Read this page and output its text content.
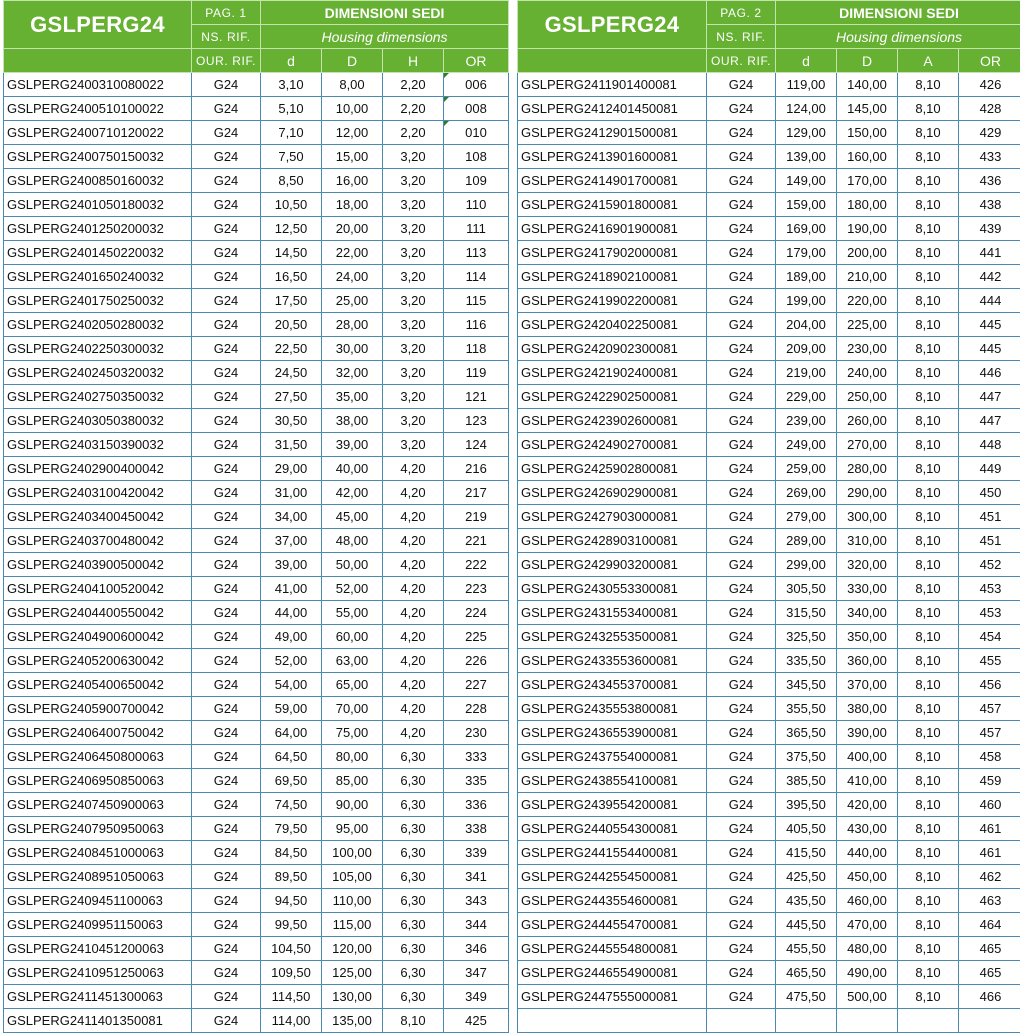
GSLPERG24	PAG. 1	DIMENSIONI SEDI			
	NS. RIF.	Housing dimensions			
	OUR. RIF.	d	D	H	OR
GSLPERG2400310080022	G24	3,10	8,00	2,20	006

GSLPERG2400510100022	G24	5,10	10,00	2,20	008

GSLPERG2400710120022	G24	7,10	12,00	2,20	010

GSLPERG2400750150032	G24	7,50	15,00	3,20	108
GSLPERG2400850160032	G24	8,50	16,00	3,20	109
GSLPERG2401050180032	G24	10,50	18,00	3,20	110
GSLPERG2401250200032	G24	12,50	20,00	3,20	111
GSLPERG2401450220032	G24	14,50	22,00	3,20	113
GSLPERG2401650240032	G24	16,50	24,00	3,20	114
GSLPERG2401750250032	G24	17,50	25,00	3,20	115
GSLPERG2402050280032	G24	20,50	28,00	3,20	116
GSLPERG2402250300032	G24	22,50	30,00	3,20	118
GSLPERG2402450320032	G24	24,50	32,00	3,20	119
GSLPERG2402750350032	G24	27,50	35,00	3,20	121
GSLPERG2403050380032	G24	30,50	38,00	3,20	123
GSLPERG2403150390032	G24	31,50	39,00	3,20	124
GSLPERG2402900400042	G24	29,00	40,00	4,20	216
GSLPERG2403100420042	G24	31,00	42,00	4,20	217
GSLPERG2403400450042	G24	34,00	45,00	4,20	219
GSLPERG2403700480042	G24	37,00	48,00	4,20	221
GSLPERG2403900500042	G24	39,00	50,00	4,20	222
GSLPERG2404100520042	G24	41,00	52,00	4,20	223
GSLPERG2404400550042	G24	44,00	55,00	4,20	224
GSLPERG2404900600042	G24	49,00	60,00	4,20	225
GSLPERG2405200630042	G24	52,00	63,00	4,20	226
GSLPERG2405400650042	G24	54,00	65,00	4,20	227
GSLPERG2405900700042	G24	59,00	70,00	4,20	228
GSLPERG2406400750042	G24	64,00	75,00	4,20	230
GSLPERG2406450800063	G24	64,50	80,00	6,30	333
GSLPERG2406950850063	G24	69,50	85,00	6,30	335
GSLPERG2407450900063	G24	74,50	90,00	6,30	336
GSLPERG2407950950063	G24	79,50	95,00	6,30	338
GSLPERG2408451000063	G24	84,50	100,00	6,30	339
GSLPERG2408951050063	G24	89,50	105,00	6,30	341
GSLPERG2409451100063	G24	94,50	110,00	6,30	343
GSLPERG2409951150063	G24	99,50	115,00	6,30	344
GSLPERG2410451200063	G24	104,50	120,00	6,30	346
GSLPERG2410951250063	G24	109,50	125,00	6,30	347
GSLPERG2411451300063	G24	114,50	130,00	6,30	349
GSLPERG2411401350081	G24	114,00	135,00	8,10	425
GSLPERG24	PAG. 2	DIMENSIONI SEDI			
	NS. RIF.	Housing dimensions			
	OUR. RIF.	d	D	A	OR
GSLPERG2411901400081	G24	119,00	140,00	8,10	426
GSLPERG2412401450081	G24	124,00	145,00	8,10	428
GSLPERG2412901500081	G24	129,00	150,00	8,10	429
GSLPERG2413901600081	G24	139,00	160,00	8,10	433
GSLPERG2414901700081	G24	149,00	170,00	8,10	436
GSLPERG2415901800081	G24	159,00	180,00	8,10	438
GSLPERG2416901900081	G24	169,00	190,00	8,10	439
GSLPERG2417902000081	G24	179,00	200,00	8,10	441
GSLPERG2418902100081	G24	189,00	210,00	8,10	442
GSLPERG2419902200081	G24	199,00	220,00	8,10	444
GSLPERG2420402250081	G24	204,00	225,00	8,10	445
GSLPERG2420902300081	G24	209,00	230,00	8,10	445
GSLPERG2421902400081	G24	219,00	240,00	8,10	446
GSLPERG2422902500081	G24	229,00	250,00	8,10	447
GSLPERG2423902600081	G24	239,00	260,00	8,10	447
GSLPERG2424902700081	G24	249,00	270,00	8,10	448
GSLPERG2425902800081	G24	259,00	280,00	8,10	449
GSLPERG2426902900081	G24	269,00	290,00	8,10	450
GSLPERG2427903000081	G24	279,00	300,00	8,10	451
GSLPERG2428903100081	G24	289,00	310,00	8,10	451
GSLPERG2429903200081	G24	299,00	320,00	8,10	452
GSLPERG2430553300081	G24	305,50	330,00	8,10	453
GSLPERG2431553400081	G24	315,50	340,00	8,10	453
GSLPERG2432553500081	G24	325,50	350,00	8,10	454
GSLPERG2433553600081	G24	335,50	360,00	8,10	455
GSLPERG2434553700081	G24	345,50	370,00	8,10	456
GSLPERG2435553800081	G24	355,50	380,00	8,10	457
GSLPERG2436553900081	G24	365,50	390,00	8,10	457
GSLPERG2437554000081	G24	375,50	400,00	8,10	458
GSLPERG2438554100081	G24	385,50	410,00	8,10	459
GSLPERG2439554200081	G24	395,50	420,00	8,10	460
GSLPERG2440554300081	G24	405,50	430,00	8,10	461
GSLPERG2441554400081	G24	415,50	440,00	8,10	461
GSLPERG2442554500081	G24	425,50	450,00	8,10	462
GSLPERG2443554600081	G24	435,50	460,00	8,10	463
GSLPERG2444554700081	G24	445,50	470,00	8,10	464
GSLPERG2445554800081	G24	455,50	480,00	8,10	465
GSLPERG2446554900081	G24	465,50	490,00	8,10	465
GSLPERG2447555000081	G24	475,50	500,00	8,10	466
